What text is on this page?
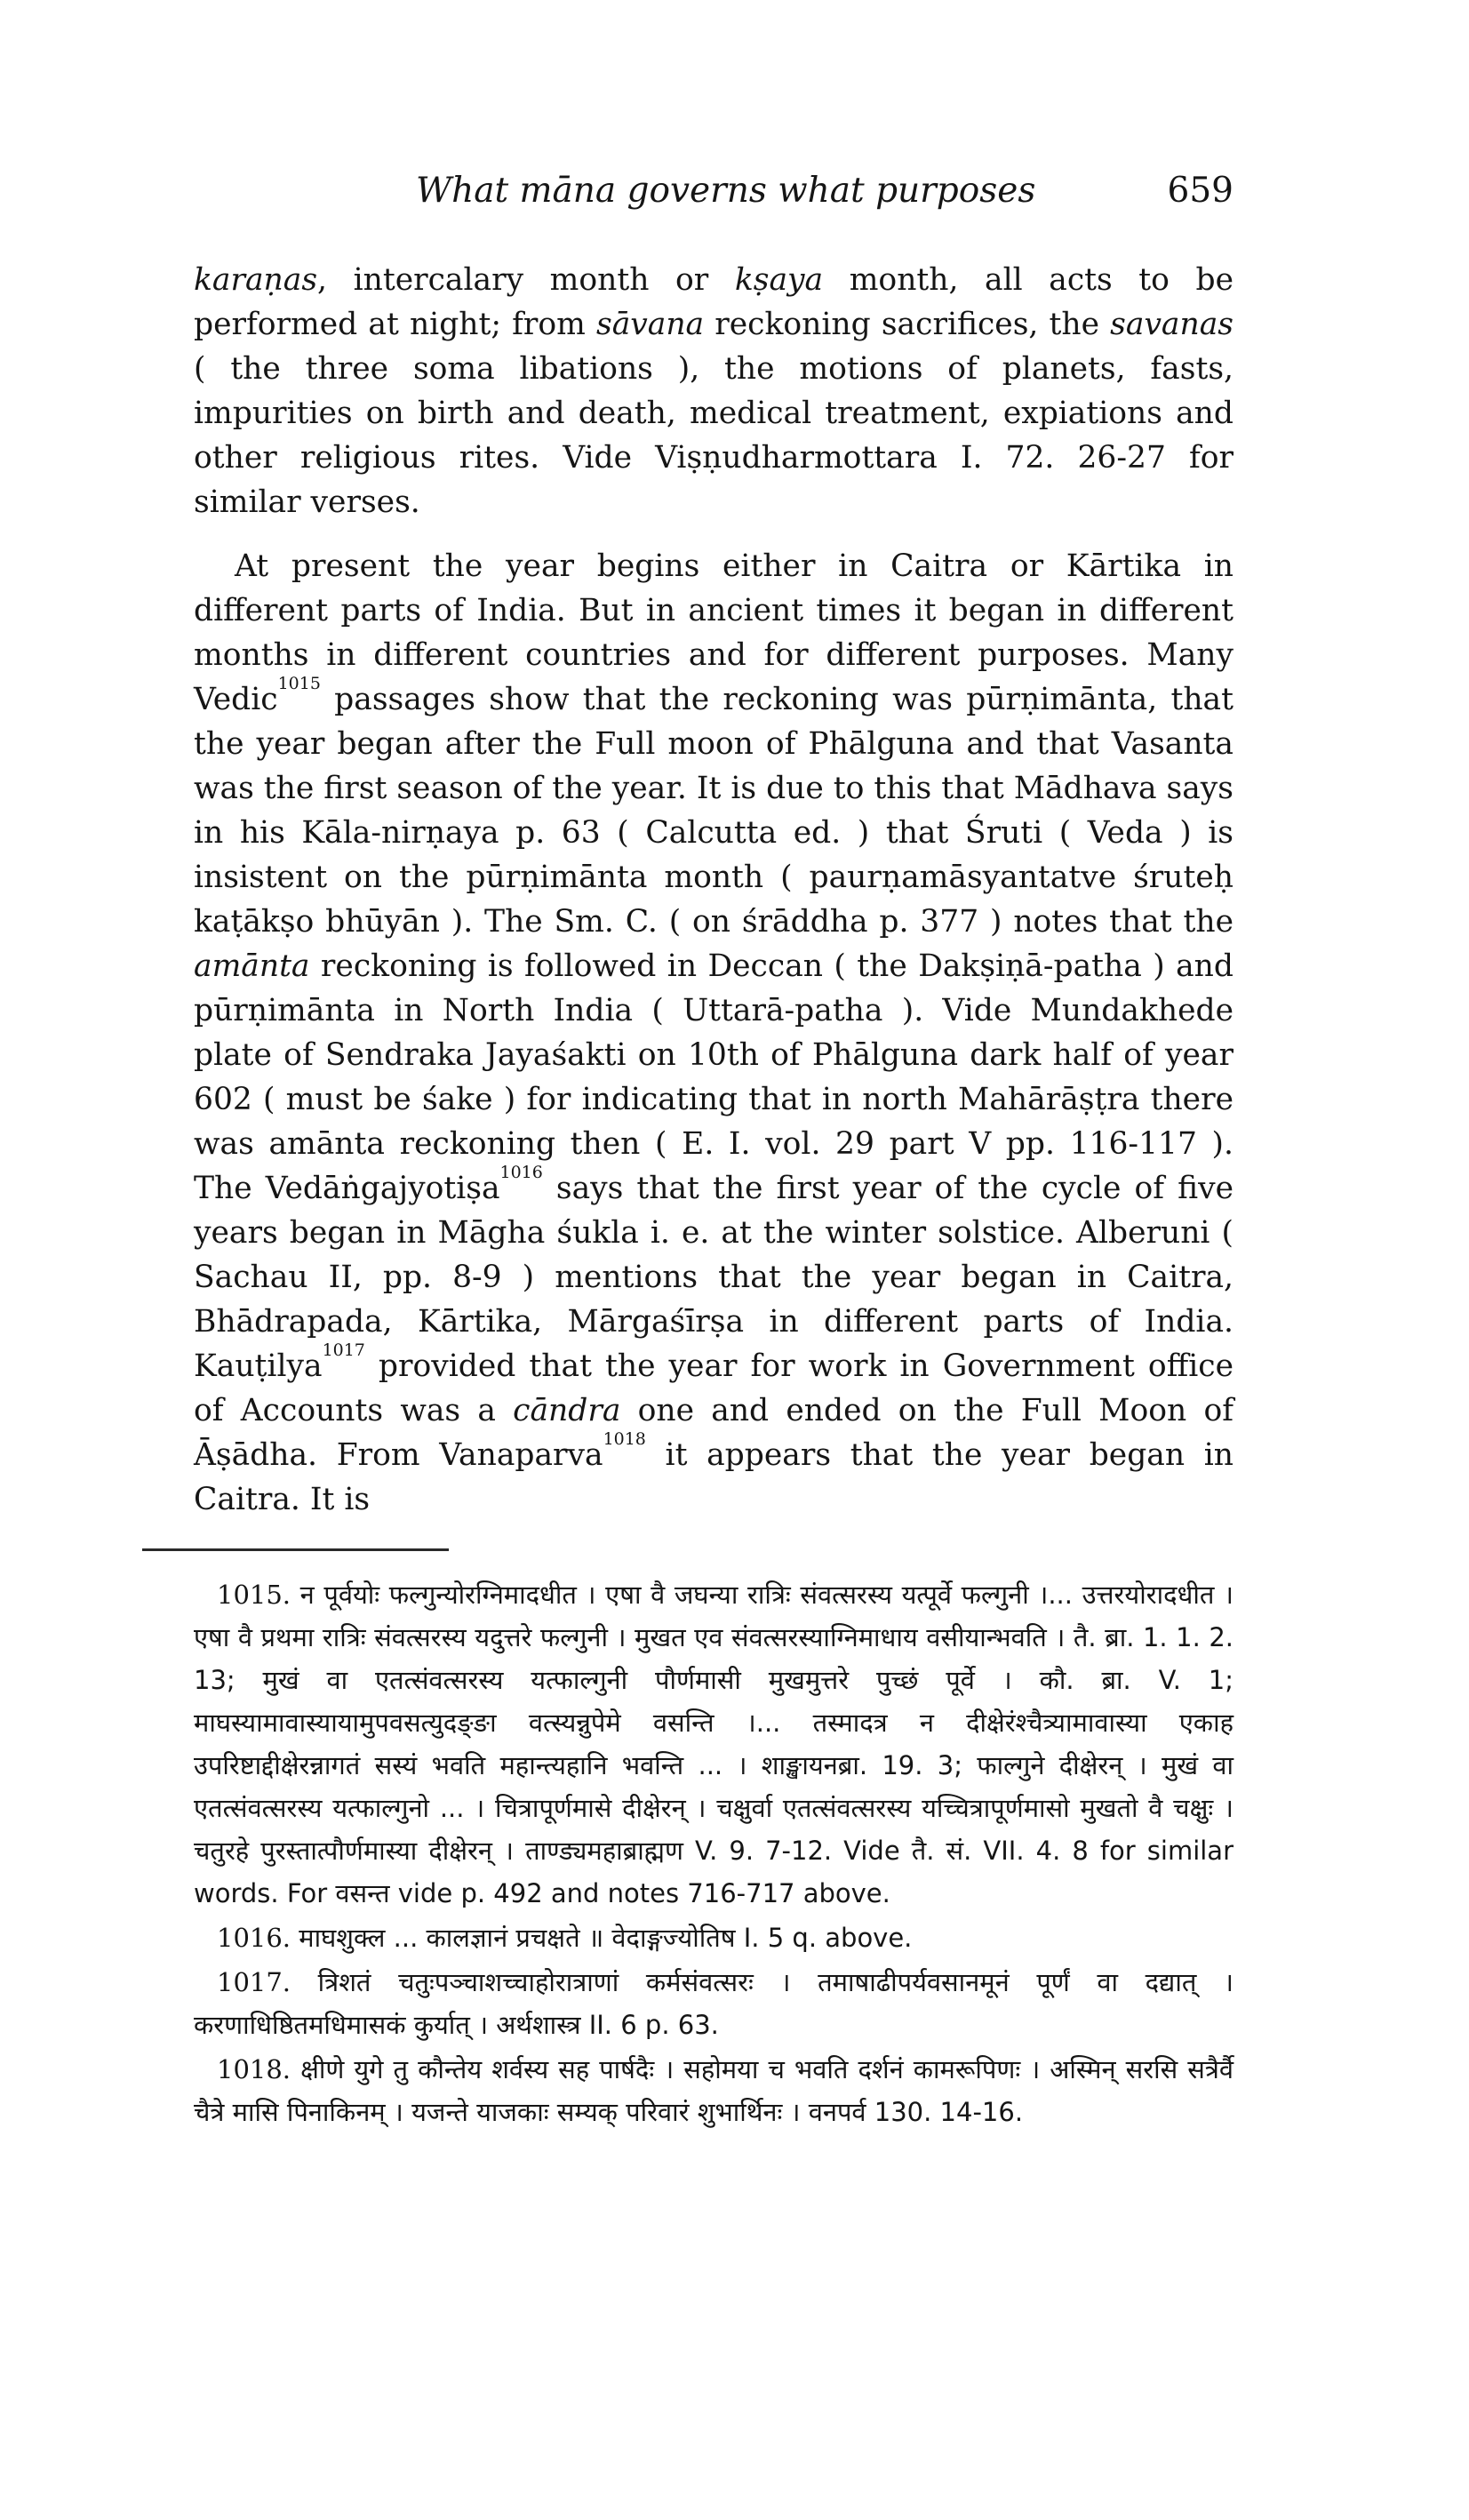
What māna governs what purposes	659

karaṇas, intercalary month or kṣaya month, all acts to be performed at night; from sāvana reckoning sacrifices, the savanas ( the three soma libations ), the motions of planets, fasts, impurities on birth and death, medical treatment, expiations and other religious rites. Vide Viṣṇudharmottara I. 72. 26-27 for similar verses.

At present the year begins either in Caitra or Kārtika in different parts of India. But in ancient times it began in different months in different countries and for different purposes. Many Vedic$^{1015}$ passages show that the reckoning was pūrṇimānta, that the year began after the Full moon of Phālguna and that Vasanta was the first season of the year. It is due to this that Mādhava says in his Kāla-nirṇaya p. 63 ( Calcutta ed. ) that Śruti ( Veda ) is insistent on the pūrṇimānta month ( paurṇamāsyantatve śruteḥ kaṭākṣo bhūyān ). The Sm. C. ( on śrāddha p. 377 ) notes that the amānta reckoning is followed in Deccan ( the Dakṣiṇā-patha ) and pūrṇimānta in North India ( Uttarā-patha ). Vide Mundakhede plate of Sendraka Jayaśakti on 10th of Phālguna dark half of year 602 ( must be śake ) for indicating that in north Mahārāṣṭra there was amānta reckoning then ( E. I. vol. 29 part V pp. 116-117 ). The Vedāṅgajyotiṣa$^{1016}$ says that the first year of the cycle of five years began in Māgha śukla i. e. at the winter solstice. Alberuni ( Sachau II, pp. 8-9 ) mentions that the year began in Caitra, Bhādrapada, Kārtika, Mārgaśīrṣa in different parts of India. Kauṭilya$^{1017}$ provided that the year for work in Government office of Accounts was a cāndra one and ended on the Full Moon of Āṣādha. From Vanaparva$^{1018}$ it appears that the year began in Caitra. It is

1015. न पूर्वयोः फल्गुन्योरग्निमादधीत । एषा वै जघन्या रात्रिः संवत्सरस्य यत्पूर्वे फल्गुनी ।... उत्तरयोरादधीत । एषा वै प्रथमा रात्रिः संवत्सरस्य यदुत्तरे फल्गुनी । मुखत एव संवत्सरस्याग्निमाधाय वसीयान्भवति । तै. ब्रा. 1. 1. 2. 13; मुखं वा एतत्संवत्सरस्य यत्फाल्गुनी पौर्णमासी मुखमुत्तरे पुच्छं पूर्वे । कौ. ब्रा. V. 1; माघस्यामावास्यायामुपवसत्युदङ्ङा वत्स्यन्नुपेमे वसन्ति ।... तस्मादत्र न दीक्षेरंश्चैत्र्यामावास्या एकाह उपरिष्टाद्दीक्षेरन्नागतं सस्यं भवति महान्त्यहानि भवन्ति ... । शाङ्खायनब्रा. 19. 3; फाल्गुने दीक्षेरन् । मुखं वा एतत्संवत्सरस्य यत्फाल्गुनो ... । चित्रापूर्णमासे दीक्षेरन् । चक्षुर्वा एतत्संवत्सरस्य यच्चित्रापूर्णमासो मुखतो वै चक्षुः । चतुरहे पुरस्तात्पौर्णमास्या दीक्षेरन् । ताण्ड्यमहाब्राह्मण V. 9. 7-12. Vide तै. सं. VII. 4. 8 for similar words. For वसन्त vide p. 492 and notes 716-717 above.

1016. माघशुक्ल ... कालज्ञानं प्रचक्षते ॥ वेदाङ्गज्योतिष I. 5 q. above.

1017. त्रिशतं चतुःपञ्चाशच्चाहोरात्राणां कर्मसंवत्सरः । तमाषाढीपर्यवसानमूनं पूर्णं वा दद्यात् । करणाधिष्ठितमधिमासकं कुर्यात् । अर्थशास्त्र II. 6 p. 63.

1018. क्षीणे युगे तु कौन्तेय शर्वस्य सह पार्षदैः । सहोमया च भवति दर्शनं कामरूपिणः । अस्मिन् सरसि सत्रैर्वै चैत्रे मासि पिनाकिनम् । यजन्ते याजकाः सम्यक् परिवारं शुभार्थिनः । वनपर्व 130. 14-16.
